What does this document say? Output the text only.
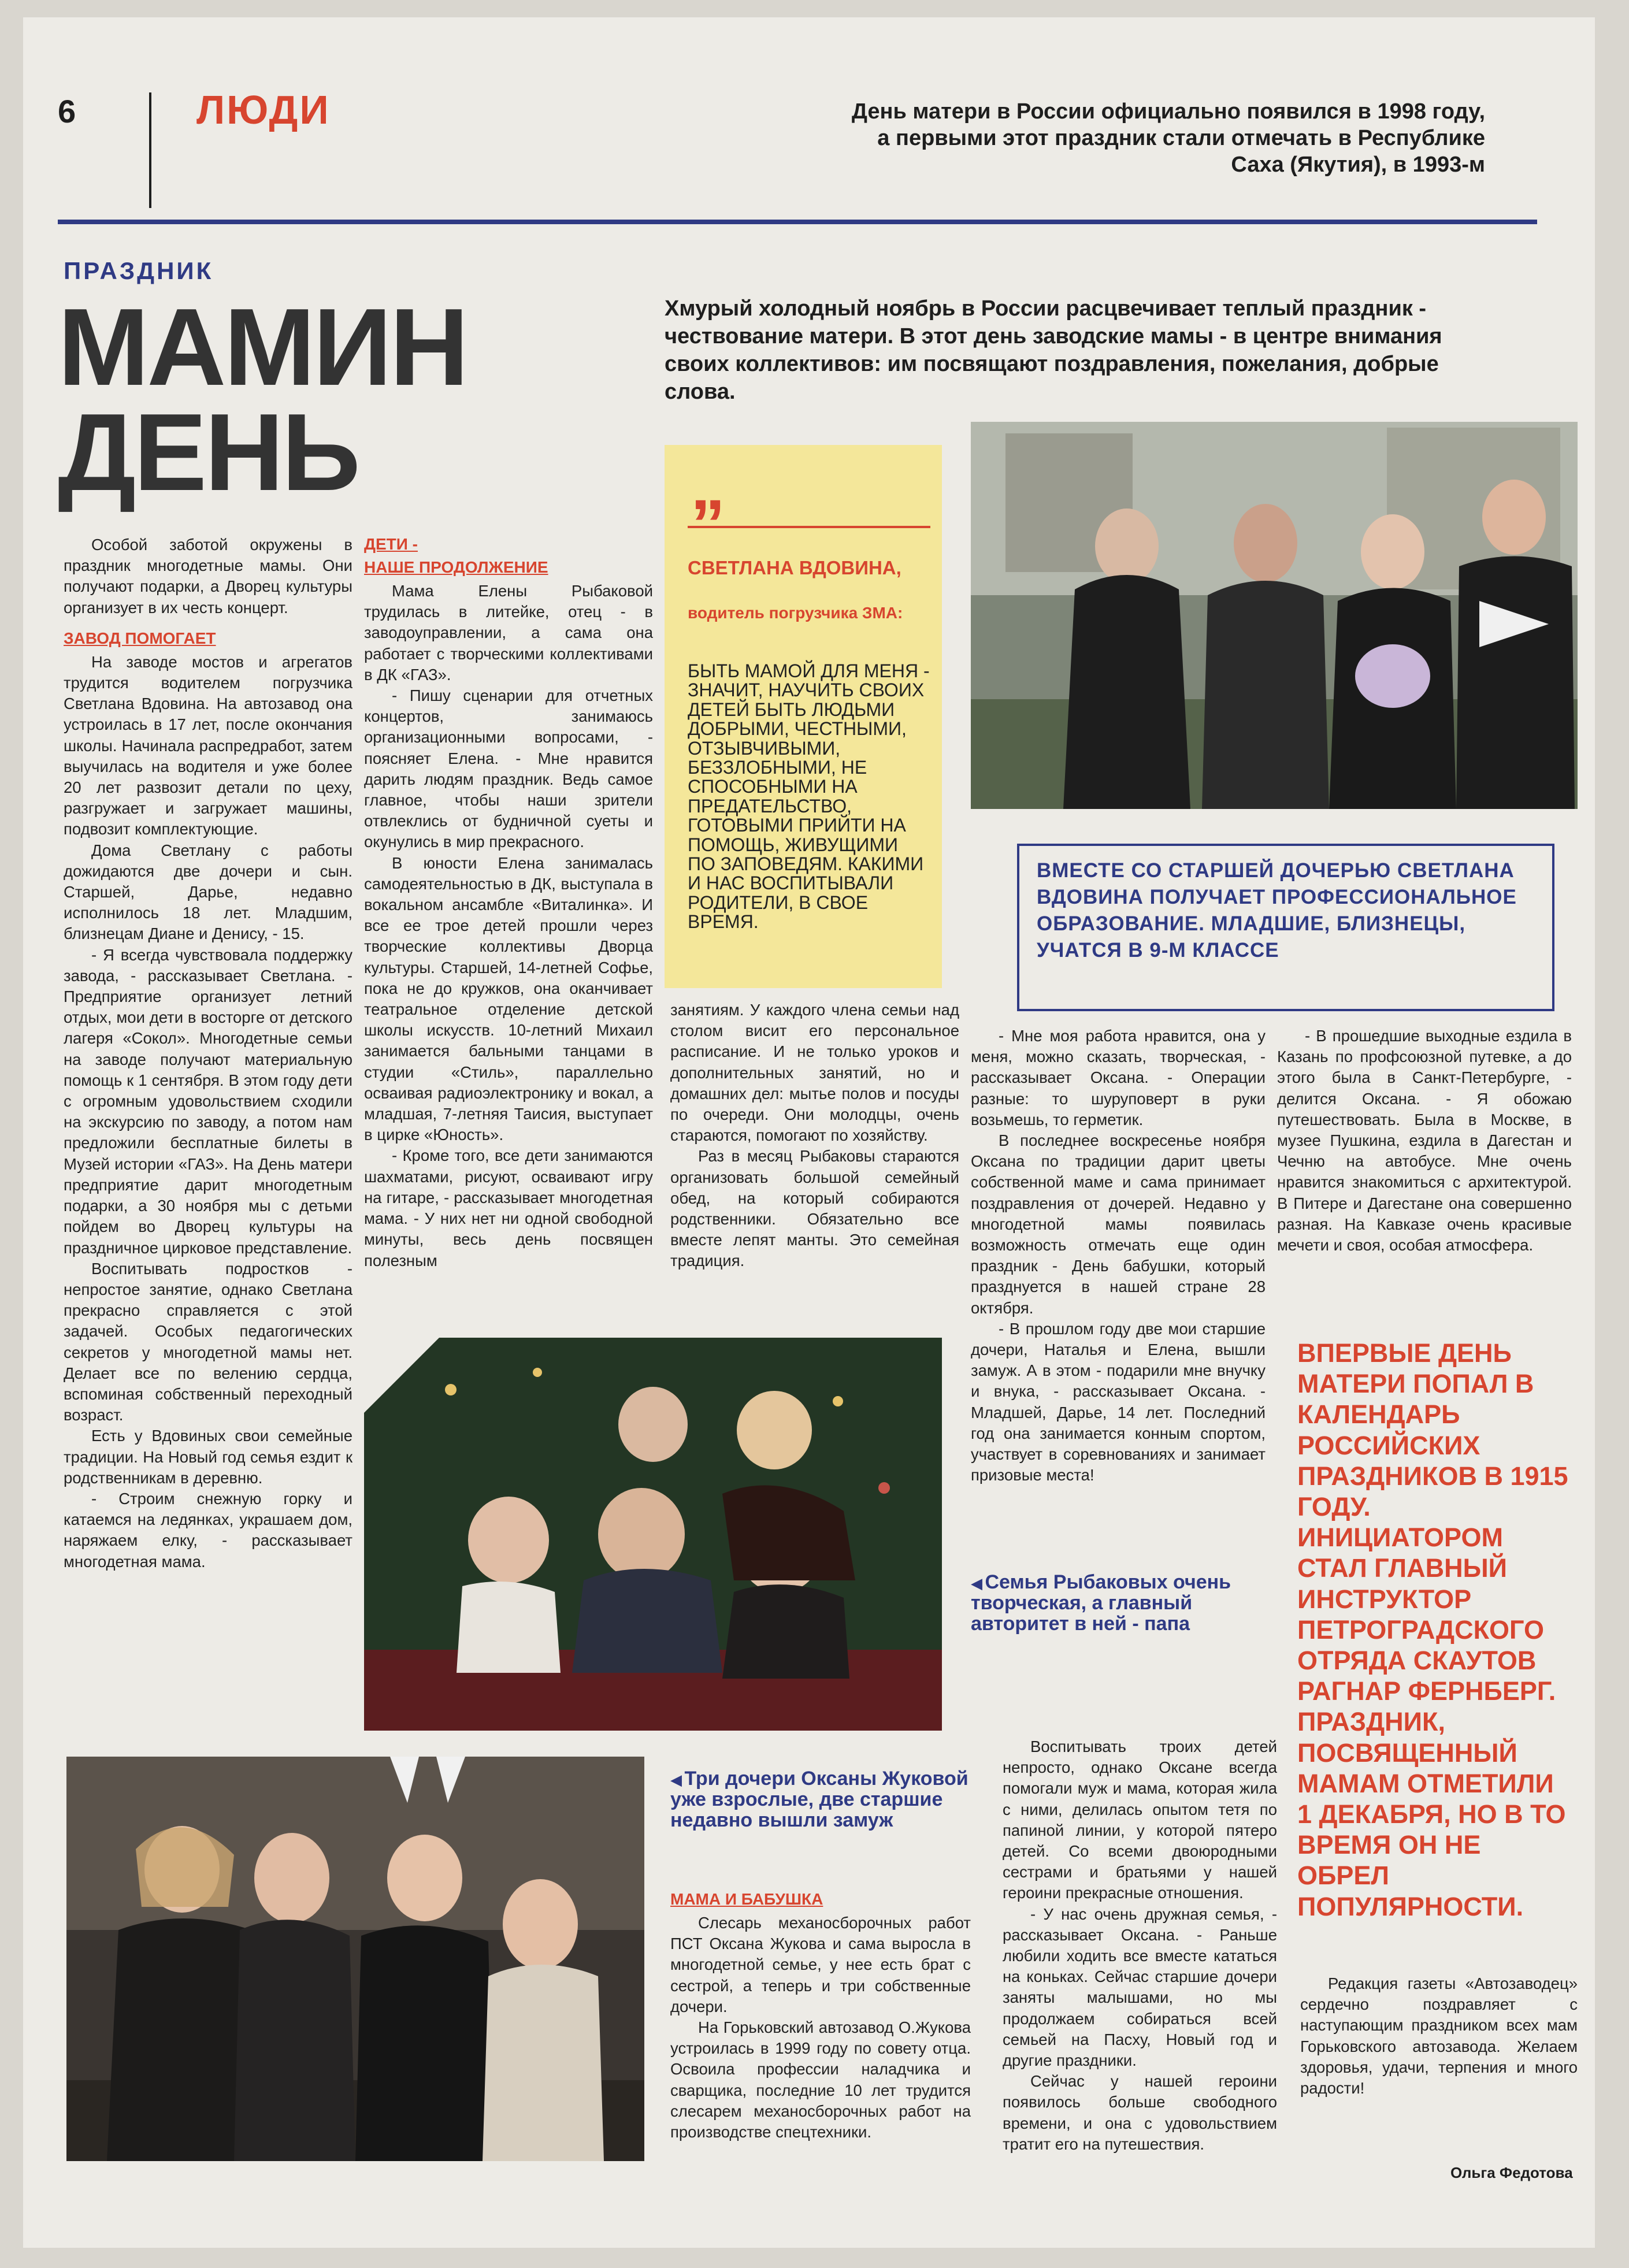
6	ЛЮДИ	День матери в России официально появился в 1998 году, а первыми этот праздник стали отмечать в Республике Саха (Якутия), в 1993-м
ПРАЗДНИК
МАМИН
ДЕНЬ
Хмурый холодный ноябрь в России расцвечивает теплый праздник - чествование матери. В этот день заводские мамы - в центре внимания своих коллективов: им посвящают поздравления, пожелания, добрые слова.

Особой заботой окружены в праздник многодетные мамы. Они получают подарки, а Дворец культуры организует в их честь концерт.

ЗАВОД ПОМОГАЕТ

На заводе мостов и агрегатов трудится водителем погрузчика Светлана Вдовина. На автозавод она устроилась в 17 лет, после окончания школы. Начинала распредработ, затем выучилась на водителя и уже более 20 лет развозит детали по цеху, разгружает и загружает машины, подвозит комплектующие.

Дома Светлану с работы дожидаются две дочери и сын. Старшей, Дарье, недавно исполнилось 18 лет. Младшим, близнецам Диане и Денису, - 15.

- Я всегда чувствовала поддержку завода, - рассказывает Светлана. - Предприятие организует летний отдых, мои дети в восторге от детского лагеря «Сокол». Многодетные семьи на заводе получают материальную помощь к 1 сентября. В этом году дети с огромным удовольствием сходили на экскурсию по заводу, а потом нам предложили бесплатные билеты в Музей истории «ГАЗ». На День матери предприятие дарит многодетным подарки, а 30 ноября мы с детьми пойдем во Дворец культуры на праздничное цирковое представление.

Воспитывать подростков - непростое занятие, однако Светлана прекрасно справляется с этой задачей. Особых педагогических секретов у многодетной мамы нет. Делает все по велению сердца, вспоминая собственный переходный возраст.

Есть у Вдовиных свои семейные традиции. На Новый год семья ездит к родственникам в деревню.

- Строим снежную горку и катаемся на ледянках, украшаем дом, наряжаем елку, - рассказывает многодетная мама.

ДЕТИ -
НАШЕ ПРОДОЛЖЕНИЕ

Мама Елены Рыбаковой трудилась в литейке, отец - в заводоуправлении, а сама она работает с творческими коллективами в ДК «ГАЗ».

- Пишу сценарии для отчетных концертов, занимаюсь организационными вопросами, - поясняет Елена. - Мне нравится дарить людям праздник. Ведь самое главное, чтобы наши зрители отвлеклись от будничной суеты и окунулись в мир прекрасного.

В юности Елена занималась самодеятельностью в ДК, выступала в вокальном ансамбле «Виталинка». И все ее трое детей прошли через творческие коллективы Дворца культуры. Старшей, 14-летней Софье, пока не до кружков, она оканчивает театральное отделение детской школы искусств. 10-летний Михаил занимается бальными танцами в студии «Стиль», параллельно осваивая радиоэлектронику и вокал, а младшая, 7-летняя Таисия, выступает в цирке «Юность».

- Кроме того, все дети занимаются шахматами, рисуют, осваивают игру на гитаре, - рассказывает многодетная мама. - У них нет ни одной свободной минуты, весь день посвящен полезным

„
СВЕТЛАНА ВДОВИНА,
водитель погрузчика ЗМА:
БЫТЬ МАМОЙ ДЛЯ МЕНЯ - ЗНАЧИТ, НАУЧИТЬ СВОИХ ДЕТЕЙ БЫТЬ ЛЮДЬМИ ДОБРЫМИ, ЧЕСТНЫМИ, ОТЗЫВЧИВЫМИ, БЕЗЗЛОБНЫМИ, НЕ СПОСОБНЫМИ НА ПРЕДАТЕЛЬСТВО, ГОТОВЫМИ ПРИЙТИ НА ПОМОЩЬ, ЖИВУЩИМИ ПО ЗАПОВЕДЯМ. КАКИМИ И НАС ВОСПИТЫВАЛИ РОДИТЕЛИ, В СВОЕ ВРЕМЯ.
ВМЕСТЕ СО СТАРШЕЙ ДОЧЕРЬЮ СВЕТЛАНА ВДОВИНА ПОЛУЧАЕТ ПРОФЕССИОНАЛЬНОЕ ОБРАЗОВАНИЕ. МЛАДШИЕ, БЛИЗНЕЦЫ, УЧАТСЯ В 9-М КЛАССЕ

занятиям. У каждого члена семьи над столом висит его персональное расписание. И не только уроков и дополнительных занятий, но и домашних дел: мытье полов и посуды по очереди. Они молодцы, очень стараются, помогают по хозяйству.

Раз в месяц Рыбаковы стараются организовать большой семейный обед, на который собираются родственники. Обязательно все вместе лепят манты. Это семейная традиция.

- Мне моя работа нравится, она у меня, можно сказать, творческая, - рассказывает Оксана. - Операции разные: то шуруповерт в руки возьмешь, то герметик.

В последнее воскресенье ноября Оксана по традиции дарит цветы собственной маме и сама принимает поздравления от дочерей. Недавно у многодетной мамы появилась возможность отмечать еще один праздник - День бабушки, который празднуется в нашей стране 28 октября.

- В прошлом году две мои старшие дочери, Наталья и Елена, вышли замуж. А в этом - подарили мне внучку и внука, - рассказывает Оксана. - Младшей, Дарье, 14 лет. Последний год она занимается конным спортом, участвует в соревнованиях и занимает призовые места!

- В прошедшие выходные ездила в Казань по профсоюзной путевке, а до этого была в Санкт-Петербурге, - делится Оксана. - Я обожаю путешествовать. Была в Москве, в музее Пушкина, ездила в Дагестан и Чечню на автобусе. Мне очень нравится знакомиться с архитектурой. В Питере и Дагестане она совершенно разная. На Кавказе очень красивые мечети и своя, особая атмосфера.

◀ Семья Рыбаковых очень творческая, а главный авторитет в ней - папа
ВПЕРВЫЕ ДЕНЬ МАТЕРИ ПОПАЛ В КАЛЕНДАРЬ РОССИЙСКИХ ПРАЗДНИКОВ В 1915 ГОДУ. ИНИЦИАТОРОМ СТАЛ ГЛАВНЫЙ ИНСТРУКТОР ПЕТРОГРАДСКОГО ОТРЯДА СКАУТОВ РАГНАР ФЕРНБЕРГ. ПРАЗДНИК, ПОСВЯЩЕННЫЙ МАМАМ ОТМЕТИЛИ 1 ДЕКАБРЯ, НО В ТО ВРЕМЯ ОН НЕ ОБРЕЛ ПОПУЛЯРНОСТИ.
◀ Три дочери Оксаны Жуковой уже взрослые, две старшие недавно вышли замуж
МАМА И БАБУШКА

Слесарь механосборочных работ ПСТ Оксана Жукова и сама выросла в многодетной семье, у нее есть брат с сестрой, а теперь и три собственные дочери.

На Горьковский автозавод О.Жукова устроилась в 1999 году по совету отца. Освоила профессии наладчика и сварщика, последние 10 лет трудится слесарем механосборочных работ на производстве спецтехники.

Воспитывать троих детей непросто, однако Оксане всегда помогали муж и мама, которая жила с ними, делилась опытом тетя по папиной линии, у которой пятеро детей. Со всеми двоюродными сестрами и братьями у нашей героини прекрасные отношения.

- У нас очень дружная семья, - рассказывает Оксана. - Раньше любили ходить все вместе кататься на коньках. Сейчас старшие дочери заняты малышами, но мы продолжаем собираться всей семьей на Пасху, Новый год и другие праздники.

Сейчас у нашей героини появилось больше свободного времени, и она с удовольствием тратит его на путешествия.

Редакция газеты «Автозаводец» сердечно поздравляет с наступающим праздником всех мам Горьковского автозавода. Желаем здоровья, удачи, терпения и много радости!

Ольга Федотова
